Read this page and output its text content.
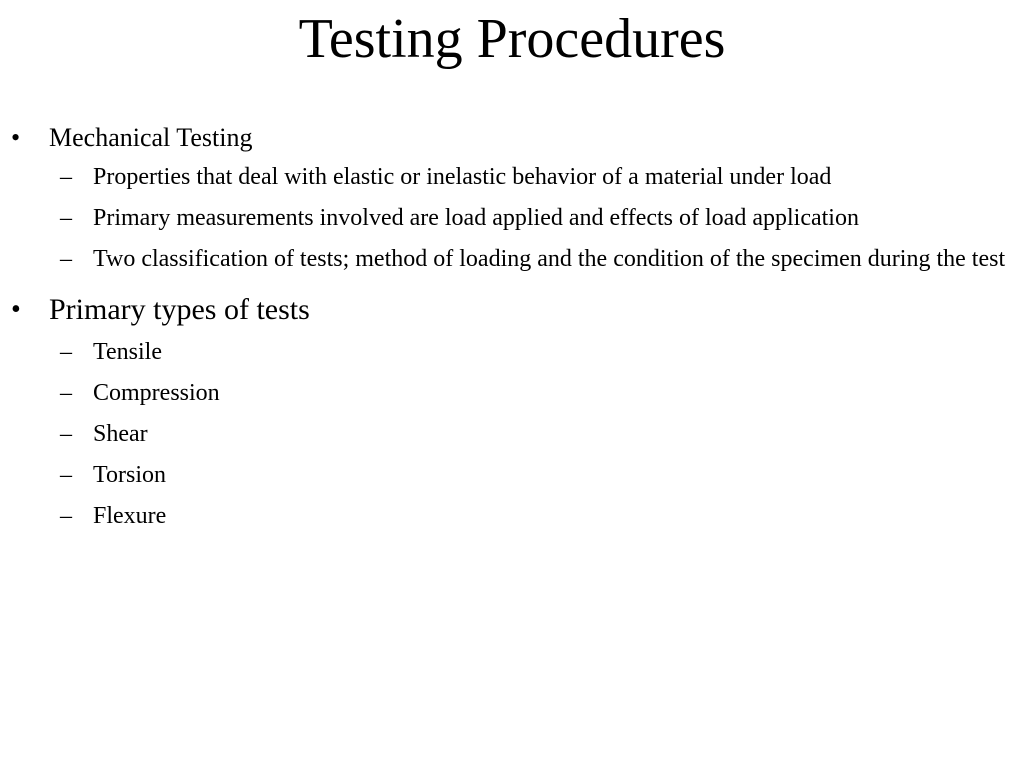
Testing Procedures
• Mechanical Testing
– Properties that deal with elastic or inelastic behavior of a material under load
– Primary measurements involved are load applied and effects of load application
– Two classification of tests; method of loading and the condition of the specimen during the test
• Primary types of tests
– Tensile
– Compression
– Shear
– Torsion
– Flexure
